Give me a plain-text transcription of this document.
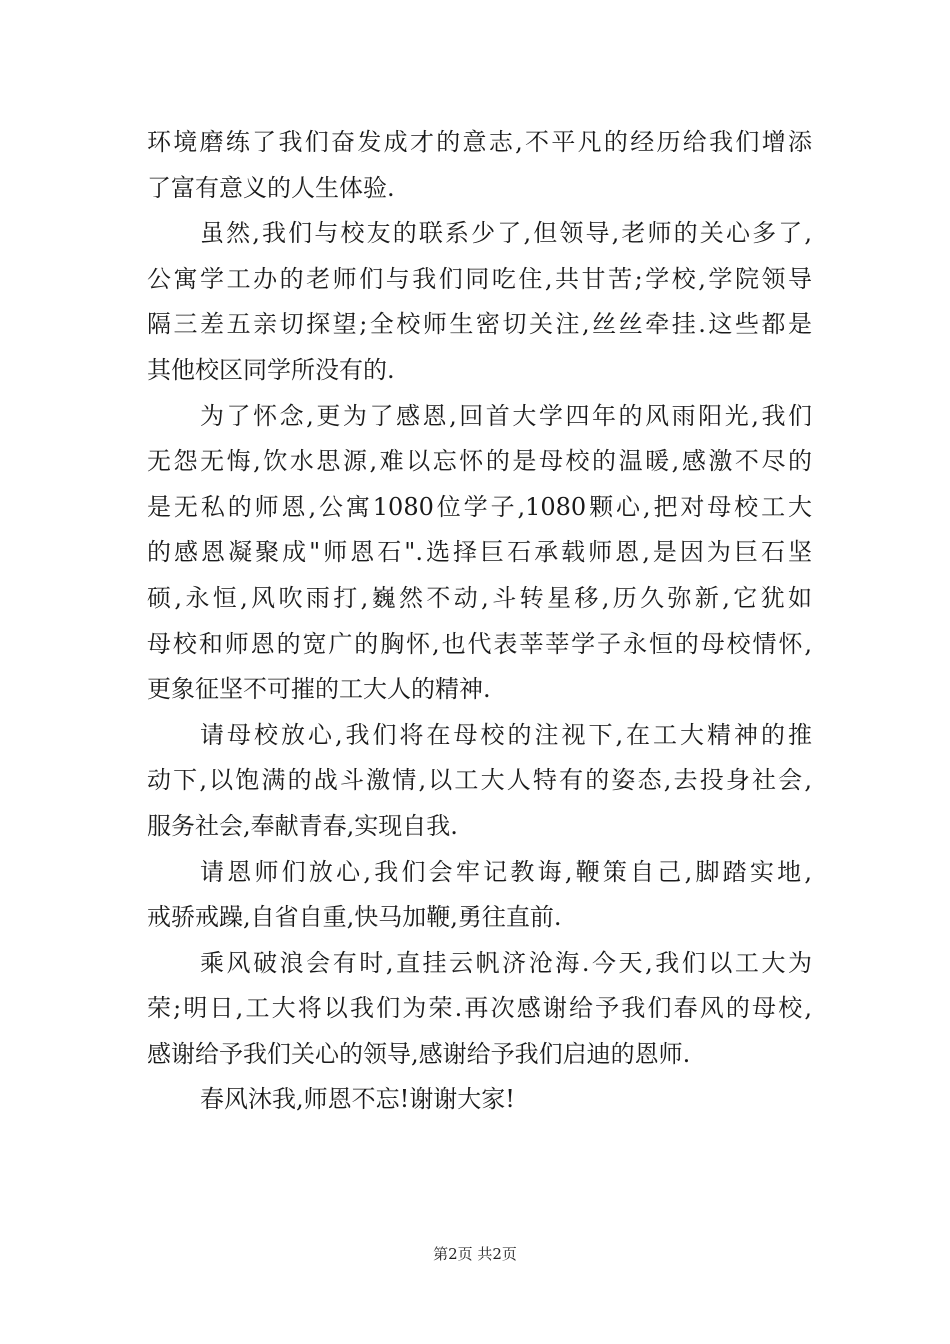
环境磨练了我们奋发成才的意志,不平凡的经历给我们增添
了富有意义的人生体验.
虽然,我们与校友的联系少了,但领导,老师的关心多了,
公寓学工办的老师们与我们同吃住,共甘苦;学校,学院领导
隔三差五亲切探望;全校师生密切关注,丝丝牵挂.这些都是
其他校区同学所没有的.
为了怀念,更为了感恩,回首大学四年的风雨阳光,我们
无怨无悔,饮水思源,难以忘怀的是母校的温暖,感激不尽的
是无私的师恩,公寓1080位学子,1080颗心,把对母校工大
的感恩凝聚成"师恩石".选择巨石承载师恩,是因为巨石坚
硕,永恒,风吹雨打,巍然不动,斗转星移,历久弥新,它犹如
母校和师恩的宽广的胸怀,也代表莘莘学子永恒的母校情怀,
更象征坚不可摧的工大人的精神.
请母校放心,我们将在母校的注视下,在工大精神的推
动下,以饱满的战斗激情,以工大人特有的姿态,去投身社会,
服务社会,奉献青春,实现自我.
请恩师们放心,我们会牢记教诲,鞭策自己,脚踏实地,
戒骄戒躁,自省自重,快马加鞭,勇往直前.
乘风破浪会有时,直挂云帆济沧海.今天,我们以工大为
荣;明日,工大将以我们为荣.再次感谢给予我们春风的母校,
感谢给予我们关心的领导,感谢给予我们启迪的恩师.
春风沐我,师恩不忘!谢谢大家!
第2页 共2页
